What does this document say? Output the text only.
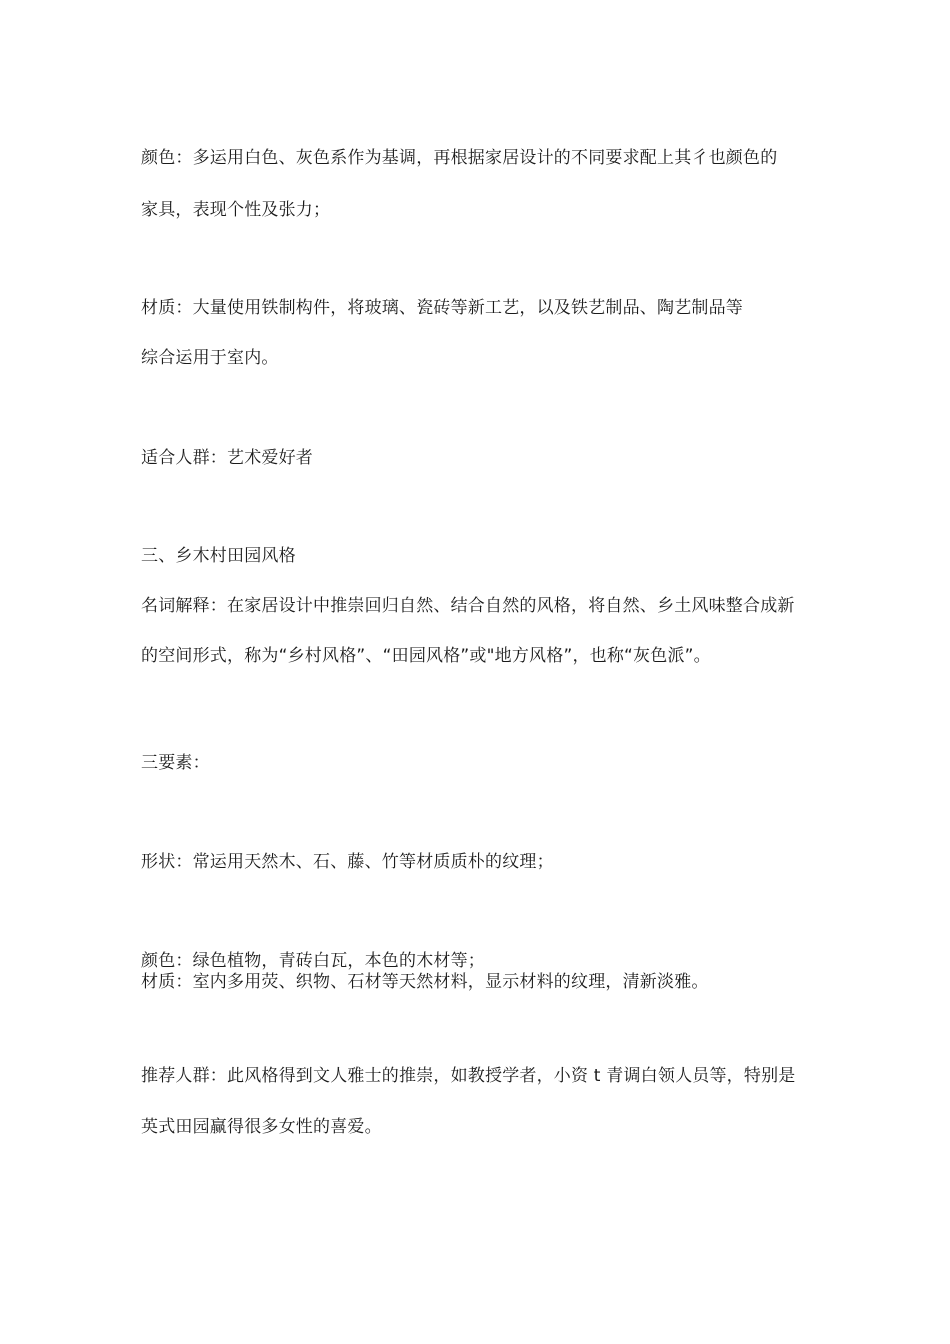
颜色：多运用白色、灰色系作为基调，再根据家居设计的不同要求配上其彳也颜色的
家具，表现个性及张力；
材质：大量使用铁制构件，将玻璃、瓷砖等新工艺，以及铁艺制品、陶艺制品等
综合运用于室内。
适合人群：艺术爱好者
三、乡木村田园风格
名词解释：在家居设计中推崇回归自然、结合自然的风格，将自然、乡土风味整合成新
的空间形式，称为“乡村风格”、“田园风格”或"地方风格”，也称“灰色派”。
三要素：
形状：常运用天然木、石、藤、竹等材质质朴的纹理；
颜色：绿色植物，青砖白瓦，本色的木材等；
材质：室内多用荧、织物、石材等天然材料，显示材料的纹理，清新淡雅。
推荐人群：此风格得到文人雅士的推崇，如教授学者，小资 t 青调白领人员等，特别是
英式田园赢得很多女性的喜爱。
